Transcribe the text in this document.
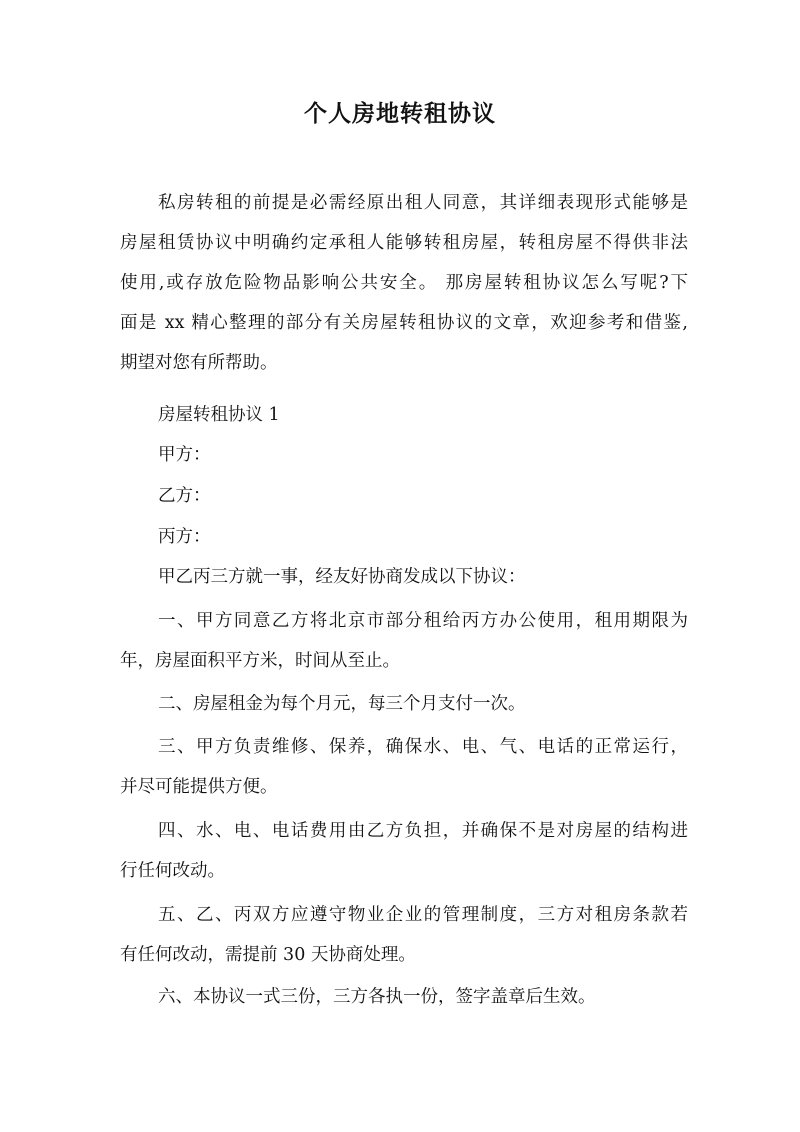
个人房地转租协议
私房转租的前提是必需经原出租人同意，其详细表现形式能够是
房屋租赁协议中明确约定承租人能够转租房屋，转租房屋不得供非法
使用,或存放危险物品影响公共安全。 那房屋转租协议怎么写呢?下
面是 xx 精心整理的部分有关房屋转租协议的文章，欢迎参考和借鉴,
期望对您有所帮助。
房屋转租协议 1
甲方：
乙方：
丙方：
甲乙丙三方就一事，经友好协商发成以下协议：
一、甲方同意乙方将北京市部分租给丙方办公使用，租用期限为
年，房屋面积平方米，时间从至止。
二、房屋租金为每个月元，每三个月支付一次。
三、甲方负责维修、保养，确保水、电、气、电话的正常运行，
并尽可能提供方便。
四、水、电、电话费用由乙方负担，并确保不是对房屋的结构进
行任何改动。
五、乙、丙双方应遵守物业企业的管理制度，三方对租房条款若
有任何改动，需提前 30 天协商处理。
六、本协议一式三份，三方各执一份，签字盖章后生效。
